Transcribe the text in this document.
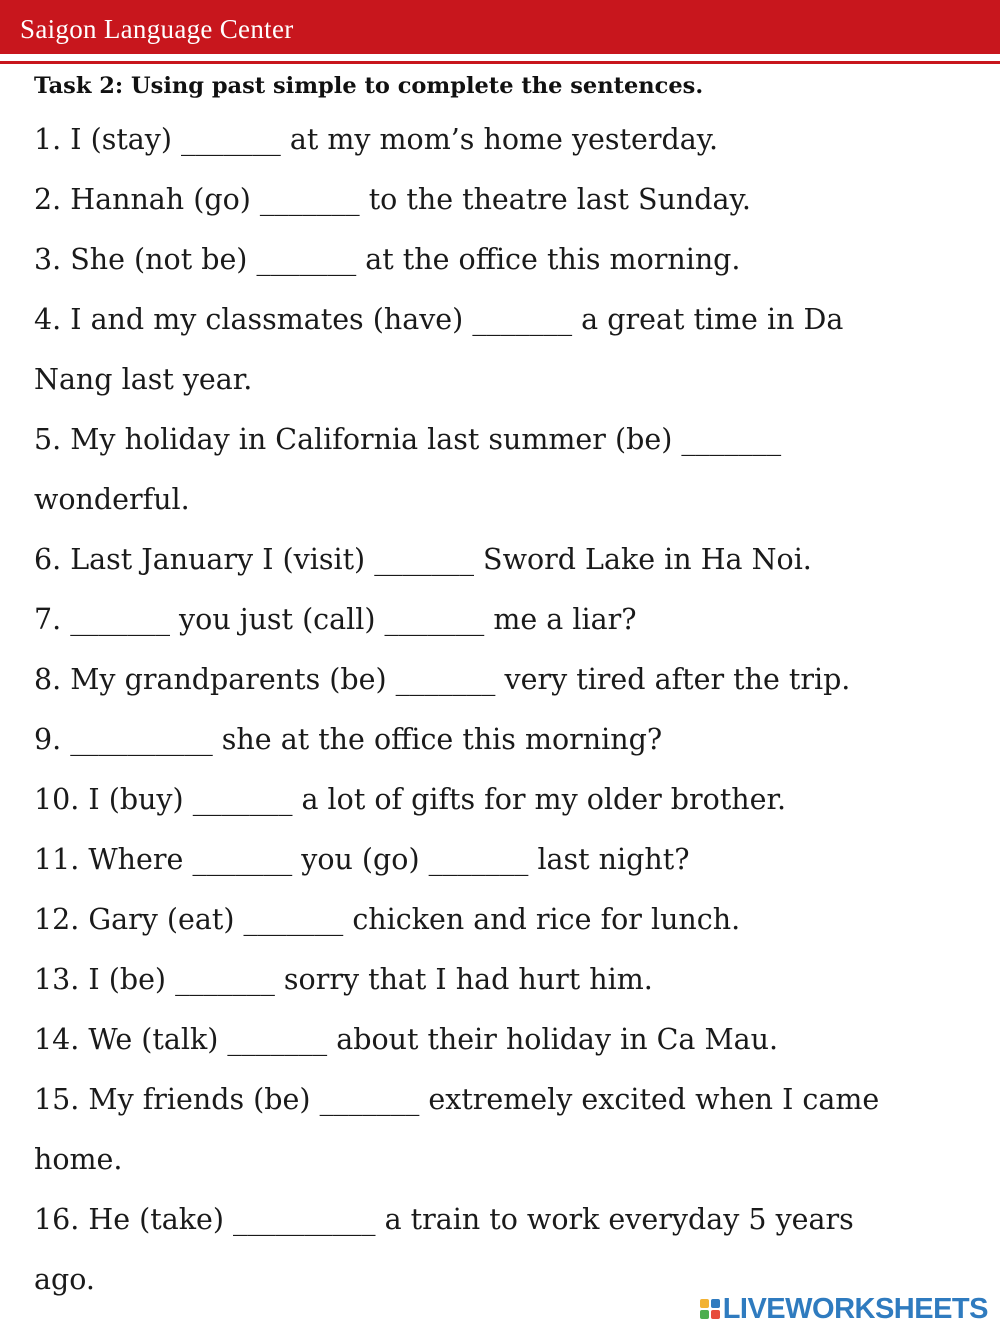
Saigon Language Center
Task 2: Using past simple to complete the sentences.
1. I (stay) _______ at my mom’s home yesterday.
2. Hannah (go) _______ to the theatre last Sunday.
3. She (not be) _______ at the office this morning.
4. I and my classmates (have) _______ a great time in Da
Nang last year.
5. My holiday in California last summer (be) _______
wonderful.
6. Last January I (visit) _______ Sword Lake in Ha Noi.
7. _______ you just (call) _______ me a liar?
8. My grandparents (be) _______ very tired after the trip.
9. __________ she at the office this morning?
10. I (buy) _______ a lot of gifts for my older brother.
11. Where _______ you (go) _______ last night?
12. Gary (eat) _______ chicken and rice for lunch.
13. I (be) _______ sorry that I had hurt him.
14. We (talk) _______ about their holiday in Ca Mau.
15. My friends (be) _______ extremely excited when I came
home.
16. He (take) __________ a train to work everyday 5 years
ago.
LIVEWORKSHEETS
